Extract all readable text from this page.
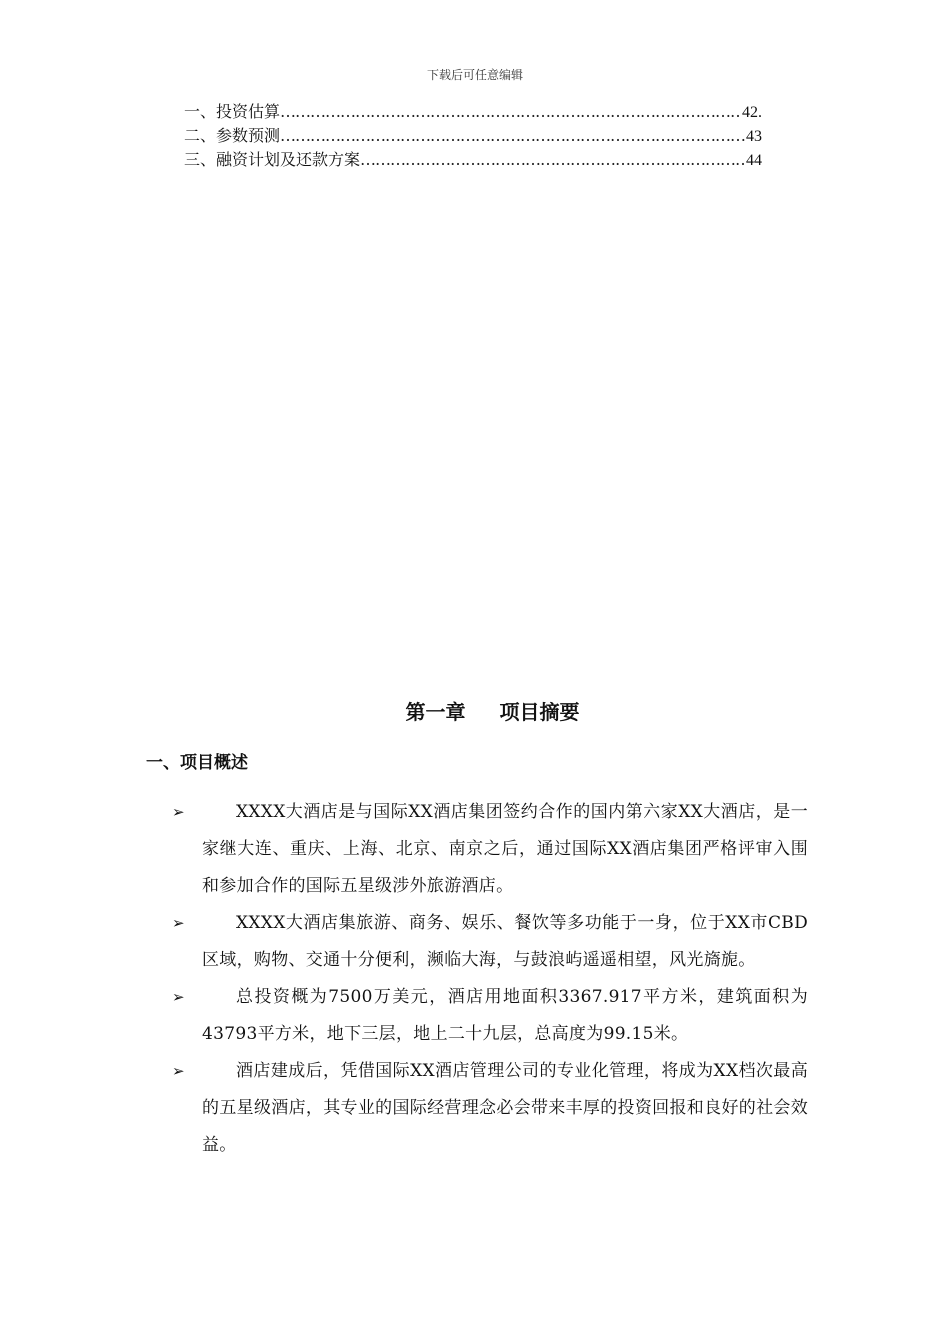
下载后可任意编辑
一、投资估算 ……………………………………………………………………………………………………………………………………………………	42.
二、参数预测 ……………………………………………………………………………………………………………………………………………………	43
三、融资计划及还款方案 ……………………………………………………………………………………………………………………………………………………	44
第一章 项目摘要
一、项目概述
➢	XXXX大酒店是与国际XX酒店集团签约合作的国内第六家XX大酒店，是一家继大连、重庆、上海、北京、南京之后，通过国际XX酒店集团严格评审入围和参加合作的国际五星级涉外旅游酒店。
➢	XXXX大酒店集旅游、商务、娱乐、餐饮等多功能于一身，位于XX市CBD区域，购物、交通十分便利，濒临大海，与鼓浪屿遥遥相望，风光旖旎。
➢	总投资概为7500万美元，酒店用地面积3367.917平方米，建筑面积为43793平方米，地下三层，地上二十九层，总高度为99.15米。
➢	酒店建成后，凭借国际XX酒店管理公司的专业化管理，将成为XX档次最高的五星级酒店，其专业的国际经营理念必会带来丰厚的投资回报和良好的社会效益。
